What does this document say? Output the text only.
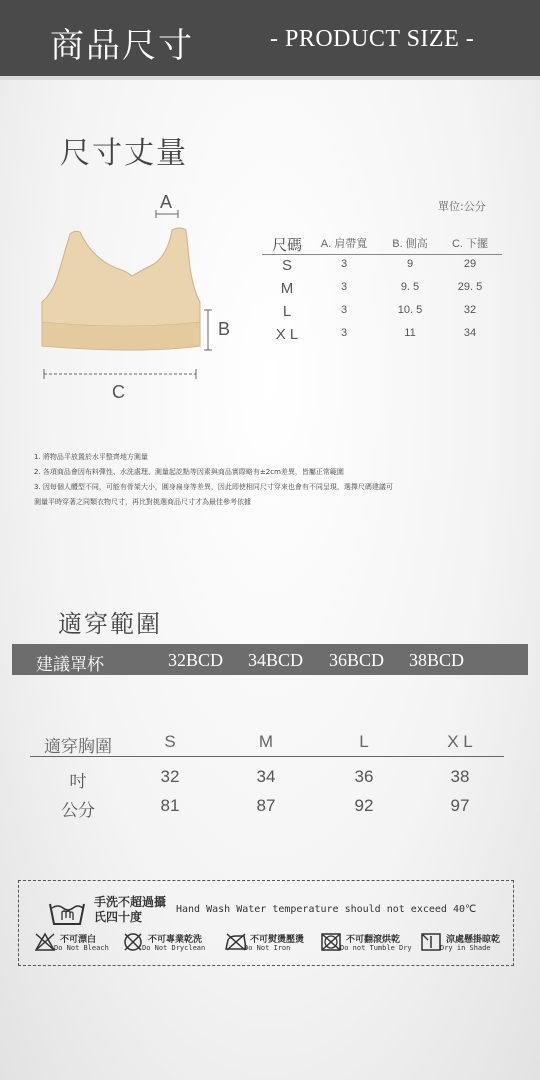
商品尺寸	- PRODUCT SIZE -
尺寸丈量
A
B
C
單位:公分
尺碼	A. 肩帶寬	B. 側高	C. 下擺
S	3	9	29
M	3	9. 5	29. 5
L	3	10. 5	32
X L	3	11	34
1. 將物品平放置於水平整齊地方測量
2. 各項商品會因布料彈性、水洗處理、測量起訖點等因素與商品實際略有±2cm差異，皆屬正常範圍
3. 因每個人體型不同，可能有骨架大小，圓身扁身等差異，因此即使相同尺寸穿來也會有不同呈現，選擇尺碼建議可
測量平時穿著之同類衣物尺寸，再比對挑選商品尺寸才為最佳參考依據
適穿範圍
建議罩杯	32BCD 34BCD 36BCD 38BCD
適穿胸圍	S	M	L	X L
吋	32	34	36	38
公分	81	87	92	97
手洗不超過攝氏四十度
Hand Wash Water temperature should not exceed 40℃
不可漂白
Do Not Bleach
不可專業乾洗
Do Not Dryclean
不可熨燙壓燙
Do Not Iron
不可翻滾烘乾
Do not Tumble Dry
涼處懸掛晾乾
Dry in Shade
